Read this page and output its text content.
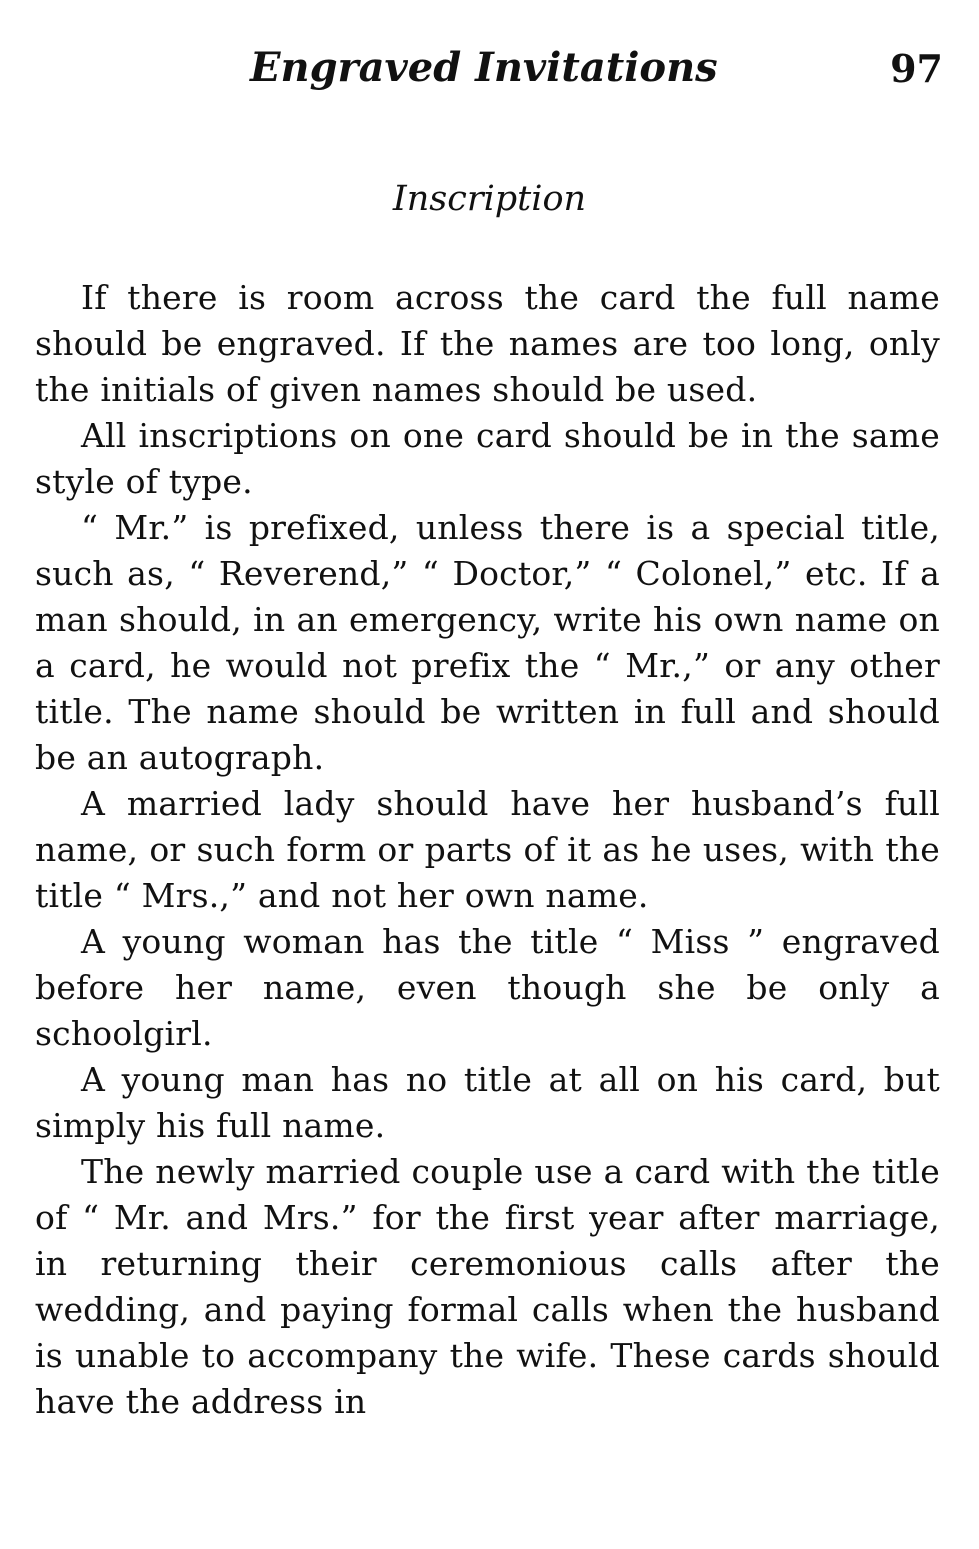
Engraved Invitations	97
Inscription

If there is room across the card the full name should be engraved. If the names are too long, only the initials of given names should be used.

All inscriptions on one card should be in the same style of type.

“ Mr.” is prefixed, unless there is a special title, such as, “ Reverend,” “ Doctor,” “ Colonel,” etc. If a man should, in an emergency, write his own name on a card, he would not prefix the “ Mr.,” or any other title. The name should be written in full and should be an autograph.

A married lady should have her husband’s full name, or such form or parts of it as he uses, with the title “ Mrs.,” and not her own name.

A young woman has the title “ Miss ” engraved before her name, even though she be only a schoolgirl.

A young man has no title at all on his card, but simply his full name.

The newly married couple use a card with the title of “ Mr. and Mrs.” for the first year after marriage, in returning their ceremonious calls after the wedding, and paying formal calls when the husband is unable to accompany the wife. These cards should have the address in
